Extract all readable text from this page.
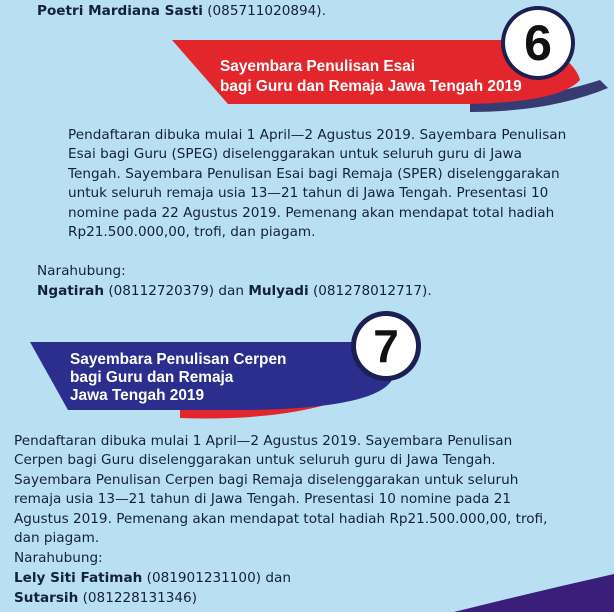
Poetri Mardiana Sasti (085711020894).
6
Sayembara Penulisan Esai
bagi Guru dan Remaja Jawa Tengah 2019
Pendaftaran dibuka mulai 1 April—2 Agustus 2019. Sayembara Penulisan
Esai bagi Guru (SPEG) diselenggarakan untuk seluruh guru di Jawa
Tengah. Sayembara Penulisan Esai bagi Remaja (SPER) diselenggarakan
untuk seluruh remaja usia 13—21 tahun di Jawa Tengah. Presentasi 10
nomine pada 22 Agustus 2019. Pemenang akan mendapat total hadiah
Rp21.500.000,00, trofi, dan piagam.
Narahubung:
Ngatirah (08112720379) dan Mulyadi (081278012717).
7
Sayembara Penulisan Cerpen
bagi Guru dan Remaja
Jawa Tengah 2019
Pendaftaran dibuka mulai 1 April—2 Agustus 2019. Sayembara Penulisan
Cerpen bagi Guru diselenggarakan untuk seluruh guru di Jawa Tengah.
Sayembara Penulisan Cerpen bagi Remaja diselenggarakan untuk seluruh
remaja usia 13—21 tahun di Jawa Tengah. Presentasi 10 nomine pada 21
Agustus 2019. Pemenang akan mendapat total hadiah Rp21.500.000,00, trofi,
dan piagam.
Narahubung:
Lely Siti Fatimah (081901231100) dan
Sutarsih (081228131346)
